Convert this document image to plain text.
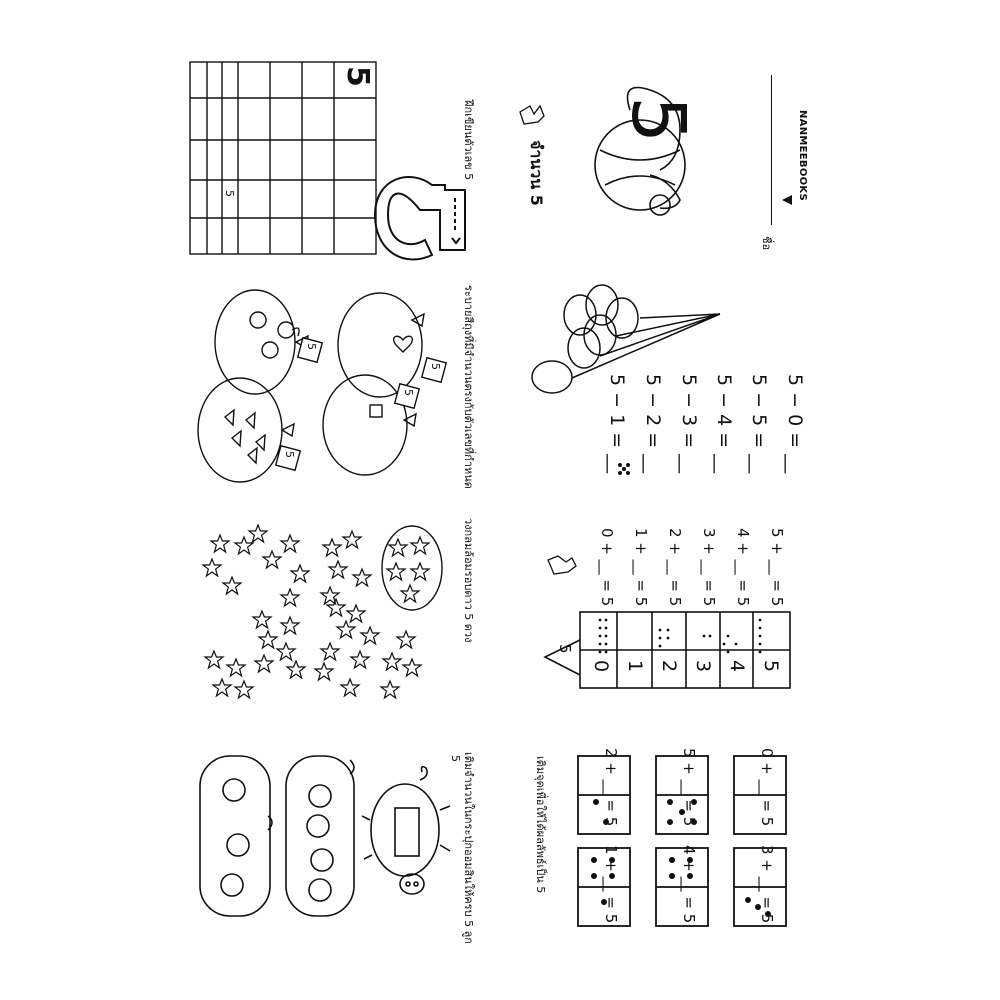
NANMEEBOOKS
ชื่อ
จำนวน 5
5
ฝึกเขียนตัวเลข 5
5
5
ระบายสีถุงที่มีจำนวนตรงกับตัวเลขที่กำหนด
5
5
5
5
วงกลมล้อมรอบดาว 5 ดวง
เติมจำนวนในกระปุกออมสินให้ครบ 5 ลูก
5
5 − 1 = __ 5 − 2 = __ 5 − 3 = __ 5 − 4 = __ 5 − 5 = __ 5 − 0 = __
5
0 1 2 3 4 5
0 + __ = 5 1 + __ = 5 2 + __ = 5 3 + __ = 5 4 + __ = 5 5 + __ = 5
เติมจุดเพื่อให้ได้ผลลัพธ์เป็น 5	2 + __ = 5	5 + __ = 5	0 + __ = 5
1 + __ = 5	4 + __ = 5	3 + __ = 5
